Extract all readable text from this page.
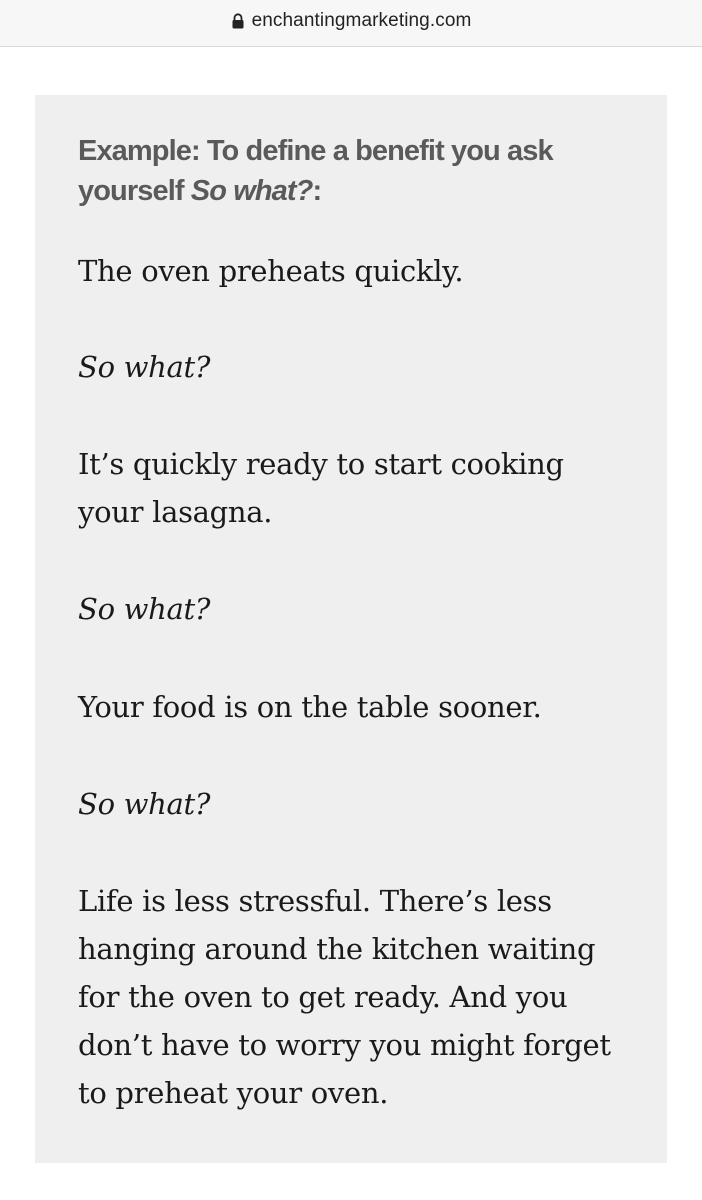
enchantingmarketing.com
Example: To define a benefit you ask yourself So what?:

The oven preheats quickly.

So what?

It’s quickly ready to start cooking your lasagna.

So what?

Your food is on the table sooner.

So what?

Life is less stressful. There’s less hanging around the kitchen waiting for the oven to get ready. And you don’t have to worry you might forget to preheat your oven.
